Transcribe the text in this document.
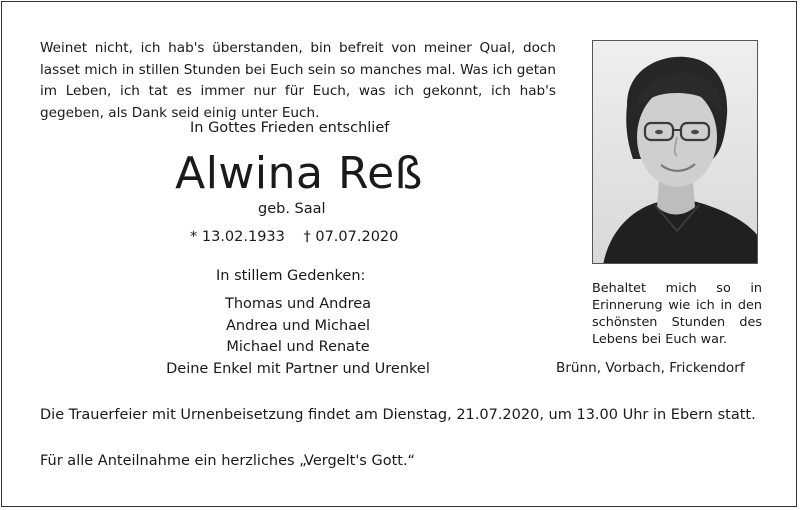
Weinet nicht, ich hab's überstanden, bin befreit von meiner Qual, doch lasset mich in stillen Stunden bei Euch sein so manches mal. Was ich getan im Leben, ich tat es immer nur für Euch, was ich gekonnt, ich hab's gegeben, als Dank seid einig unter Euch.
In Gottes Frieden entschlief
Alwina Reß
geb. Saal
* 13.02.1933 † 07.07.2020
In stillem Gedenken:
Thomas und Andrea
Andrea und Michael
Michael und Renate
Deine Enkel mit Partner und Urenkel
Behaltet mich so in Erinnerung wie ich in den schönsten Stunden des Lebens bei Euch war.
Brünn, Vorbach, Frickendorf
Die Trauerfeier mit Urnenbeisetzung findet am Dienstag, 21.07.2020, um 13.00 Uhr in Ebern statt.
Für alle Anteilnahme ein herzliches „Vergelt's Gott.“
